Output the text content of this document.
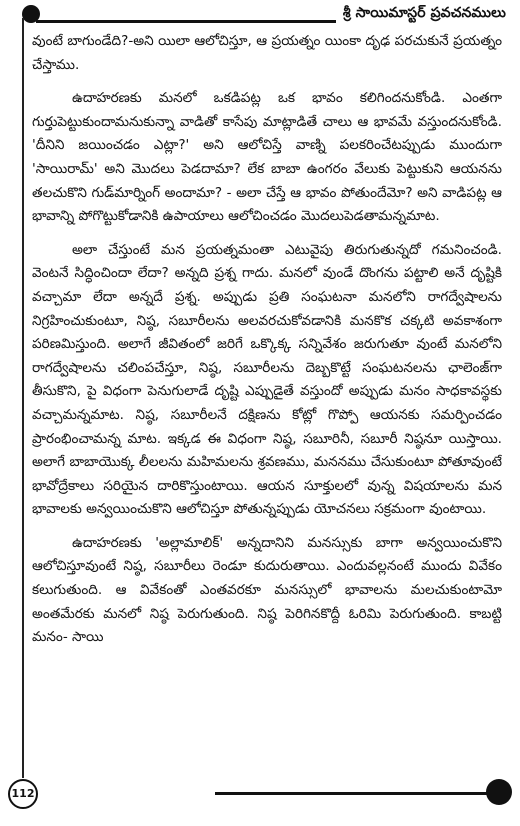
శ్రీ సాయిమాస్టర్ ప్రవచనములు

వుంటే బాగుండేది?-అని యిలా ఆలోచిస్తూ, ఆ ప్రయత్నం యింకా దృఢ పరచుకునే ప్రయత్నం చేస్తాము.

ఉదాహరణకు మనలో ఒకడిపట్ల ఒక భావం కలిగిందనుకోండి. ఎంతగా గుర్తుపెట్టుకుందామనుకున్నా వాడితో కాసేపు మాట్లాడితే చాలు ఆ భావమే వస్తుందనుకోండి. 'దీనిని జయించడం ఎట్లా?' అని ఆలోచిస్తే వాణ్ని పలకరించేటప్పుడు ముందుగా 'సాయిరామ్' అని మొదలు పెడదామా? లేక బాబా ఉంగరం వేలుకు పెట్టుకుని ఆయనను తలచుకొని గుడ్‌మార్నింగ్ అందామా? - అలా చేస్తే ఆ భావం పోతుందేమో? అని వాడిపట్ల ఆ భావాన్ని పోగొట్టుకోడానికి ఉపాయాలు ఆలోచించడం మొదలుపెడతామన్నమాట.

అలా చేస్తుంటే మన ప్రయత్నమంతా ఎటువైపు తిరుగుతున్నదో గమనించండి. వెంటనే సిద్ధించిందా లేదా? అన్నది ప్రశ్న గాదు. మనలో వుండే దొంగను పట్టాలి అనే దృష్టికి వచ్చామా లేదా అన్నదే ప్రశ్న. అప్పుడు ప్రతి సంఘటనా మనలోని రాగద్వేషాలను నిగ్రహించుకుంటూ, నిష్ఠ, సబూరీలను అలవరచుకోవడానికి మనకొక చక్కటి అవకాశంగా పరిణమిస్తుంది. అలాగే జీవితంలో జరిగే ఒక్కొక్క సన్నివేశం జరుగుతూ వుంటే మనలోని రాగద్వేషాలను చలింపచేస్తూ, నిష్ఠ, సబూరీలను దెబ్బకొట్టే సంఘటనలను ఛాలెంజ్‌గా తీసుకొని, పై విధంగా పెనుగులాడే దృష్టి ఎప్పుడైతే వస్తుందో అప్పుడు మనం సాధకావస్థకు వచ్చామన్నమాట. నిష్ఠ, సబూరీలనే దక్షిణను కోట్లో గొప్పో ఆయనకు సమర్పించడం ప్రారంభించామన్న మాట. ఇక్కడ ఈ విధంగా నిష్ఠ, సబూరినీ, సబూరీ నిష్ఠనూ యిస్తాయి. అలాగే బాబాయొక్క లీలలను మహిమలను శ్రవణము, మననము చేసుకుంటూ పోతూవుంటే భావోద్రేకాలు సరియైన దారికొస్తుంటాయి. ఆయన సూక్తులలో వున్న విషయాలను మన భావాలకు అన్వయించుకొని ఆలోచిస్తూ పోతున్నప్పుడు యోచనలు సక్రమంగా వుంటాయి.

ఉదాహరణకు 'అల్లామాలిక్' అన్నదానిని మనస్సుకు బాగా అన్వయించుకొని ఆలోచిస్తూవుంటే నిష్ఠ, సబూరీలు రెండూ కుదురుతాయి. ఎందువల్లనంటే ముందు వివేకం కలుగుతుంది. ఆ వివేకంతో ఎంతవరకూ మనస్సులో భావాలను మలచుకుంటామో అంతమేరకు మనలో నిష్ఠ పెరుగుతుంది. నిష్ఠ పెరిగినకొద్దీ ఓరిమి పెరుగుతుంది. కాబట్టి మనం- సాయి

112
